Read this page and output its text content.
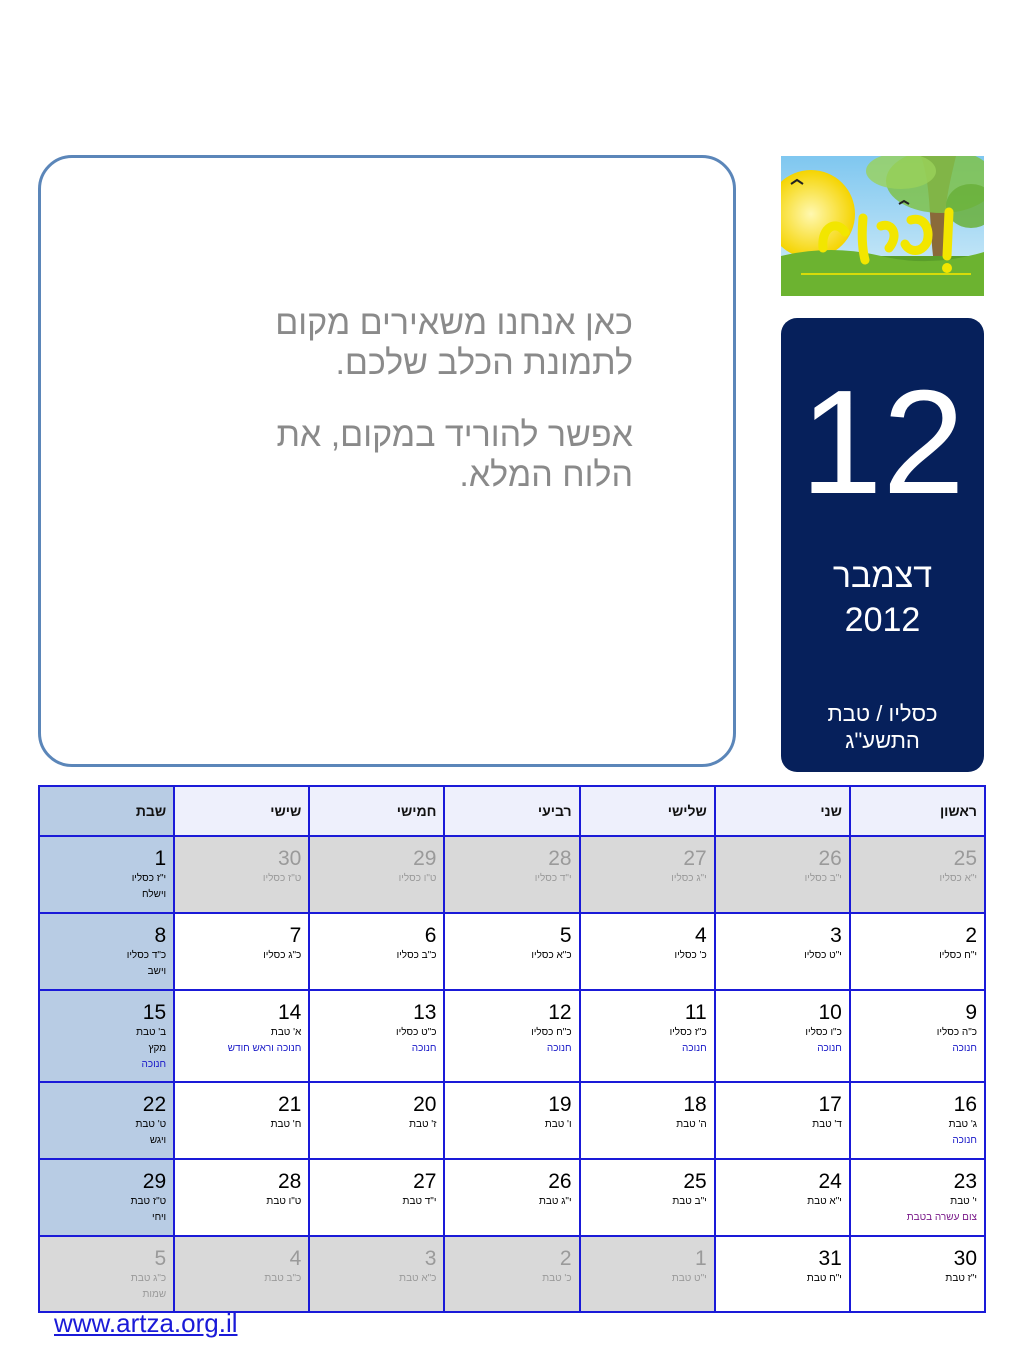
כאן אנחנו משאירים מקום
לתמונת הכלב שלכם.

אפשר להוריד במקום, את
הלוח המלא. 12
דצמבר
2012
כסליו / טבת
התשע"ג
ראשון	שני	שלישי	רביעי	חמישי	שישי	שבת

25
י"א כסליו	26
י"ב כסליו	27
י"ג כסליו	28
י"ד כסליו	29
ט"ו כסליו	30
ט"ז כסליו	1
י"ז כסליו
וישלח

2
י"ח כסליו	3
י"ט כסליו	4
כ' כסליו	5
כ"א כסליו	6
כ"ב כסליו	7
כ"ג כסליו	8
כ"ד כסליו
וישב

9
כ"ה כסליו
חנוכה	10
כ"ו כסליו
חנוכה	11
כ"ז כסליו
חנוכה	12
כ"ח כסליו
חנוכה	13
כ"ט כסליו
חנוכה	14
א' טבת
חנוכה וראש חודש	15
ב' טבת
מקץ
חנוכה

16
ג' טבת
חנוכה	17
ד' טבת	18
ה' טבת	19
ו' טבת	20
ז' טבת	21
ח' טבת	22
ט' טבת
ויגש

23
י' טבת
צום עשרה בטבת	24
י"א טבת	25
י"ב טבת	26
י"ג טבת	27
י"ד טבת	28
ט"ו טבת	29
ט"ז טבת
ויחי

30
י"ז טבת	31
י"ח טבת	1
י"ט טבת	2
כ' טבת	3
כ"א טבת	4
כ"ב טבת	5
כ"ג טבת
שמות
www.artza.org.il
